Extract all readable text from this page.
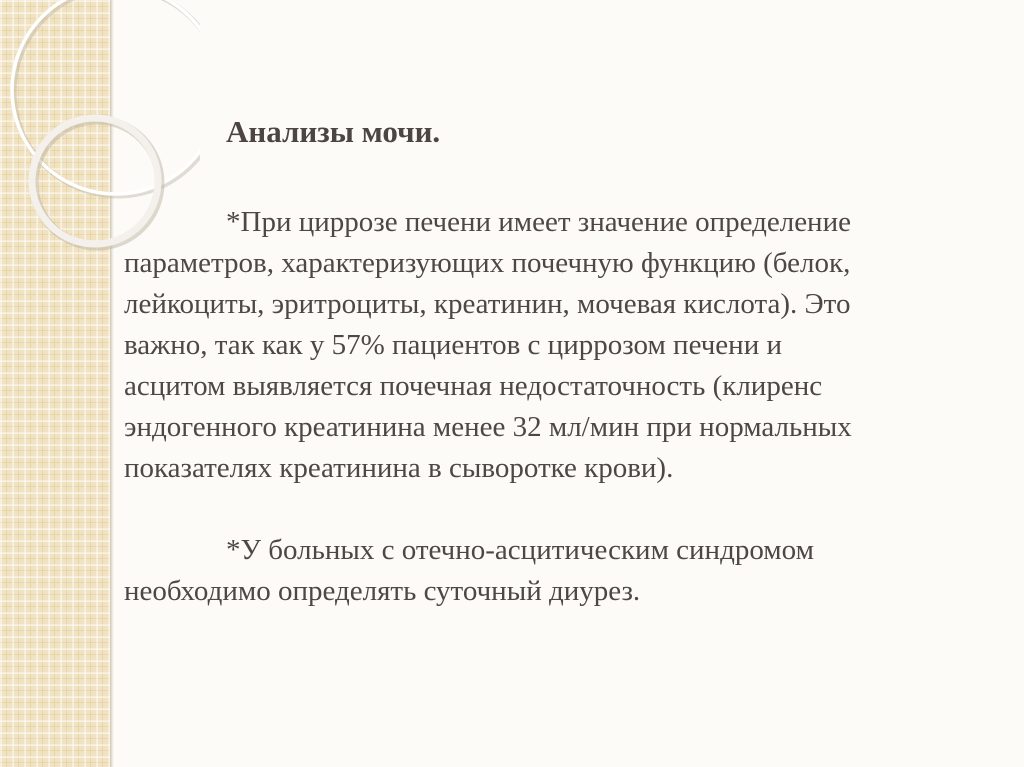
Анализы мочи.

*При циррозе печени имеет значение определение

параметров, характеризующих почечную функцию (белок,

лейкоциты, эритроциты, креатинин, мочевая кислота). Это

важно, так как у 57% пациентов с циррозом печени и

асцитом выявляется почечная недостаточность (клиренс

эндогенного креатинина менее 32 мл/мин при нормальных

показателях креатинина в сыворотке крови).

*У больных с отечно-асцитическим синдромом

необходимо определять суточный диурез.
